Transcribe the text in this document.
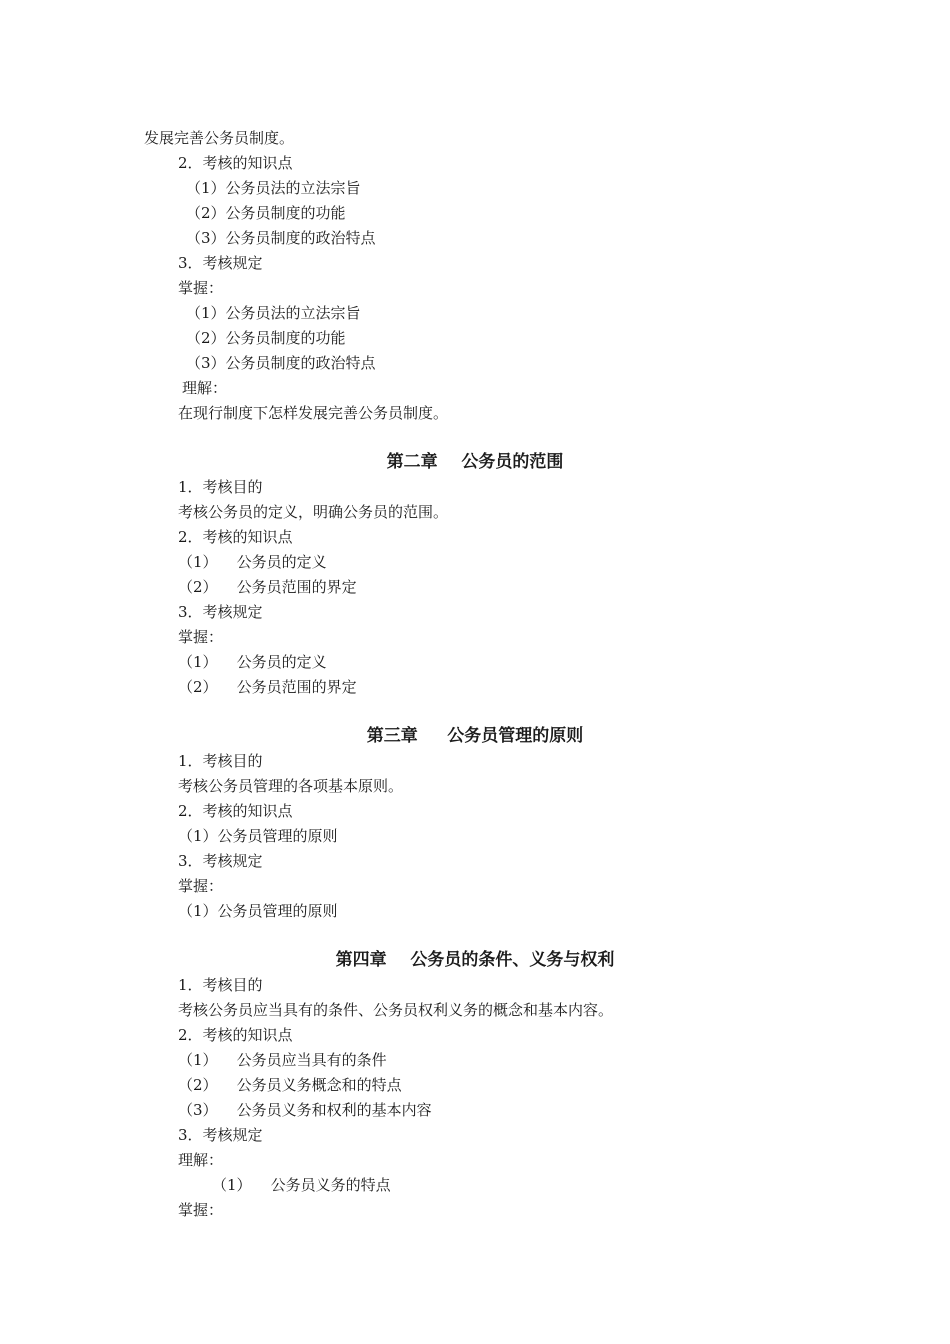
发展完善公务员制度。
2．考核的知识点
（1）公务员法的立法宗旨
（2）公务员制度的功能
（3）公务员制度的政治特点
3．考核规定
掌握：
（1）公务员法的立法宗旨
（2）公务员制度的功能
（3）公务员制度的政治特点
理解：
在现行制度下怎样发展完善公务员制度。
第二章    公务员的范围
1．考核目的
考核公务员的定义，明确公务员的范围。
2．考核的知识点
（1）    公务员的定义
（2）    公务员范围的界定
3．考核规定
掌握：
（1）    公务员的定义
（2）    公务员范围的界定
第三章     公务员管理的原则
1．考核目的
考核公务员管理的各项基本原则。
2．考核的知识点
（1）公务员管理的原则
3．考核规定
掌握：
（1）公务员管理的原则
第四章    公务员的条件、义务与权利
1．考核目的
考核公务员应当具有的条件、公务员权利义务的概念和基本内容。
2．考核的知识点
（1）    公务员应当具有的条件
（2）    公务员义务概念和的特点
（3）    公务员义务和权利的基本内容
3．考核规定
理解：
（1）    公务员义务的特点
掌握：
